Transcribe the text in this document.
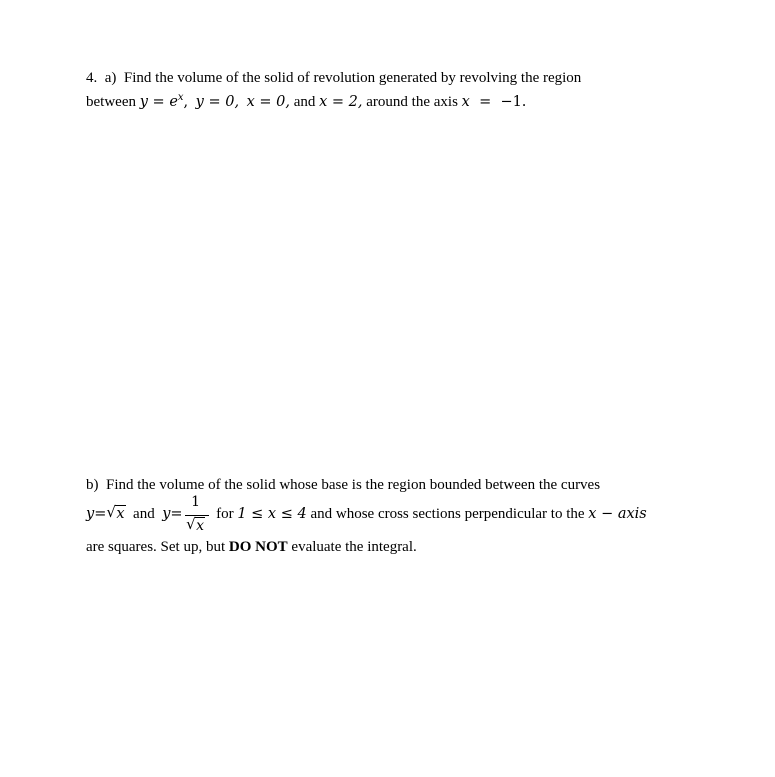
4. a) Find the volume of the solid of revolution generated by revolving the region
between $y = e^x$, y = 0, x = 0, and x = 2, around the axis x = −1.
b) Find the volume of the solid whose base is the region bounded between the curves
y= √ x and $y= \frac{1}{√ x}$ for 1 ≤ x ≤ 4 and whose cross sections perpendicular to the x − axis
are squares. Set up, but DO NOT evaluate the integral.
